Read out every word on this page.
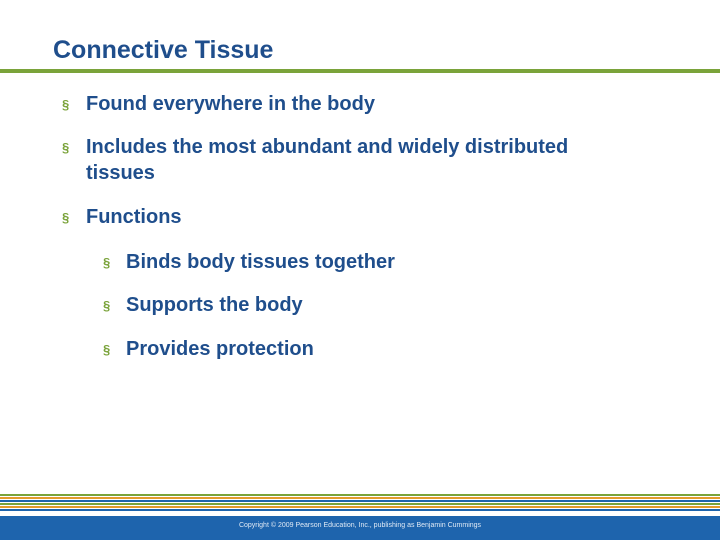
Connective Tissue
§ Found everywhere in the body
§ Includes the most abundant and widely distributed tissues
§ Functions
§ Binds body tissues together
§ Supports the body
§ Provides protection
Copyright © 2009 Pearson Education, Inc., publishing as Benjamin Cummings
